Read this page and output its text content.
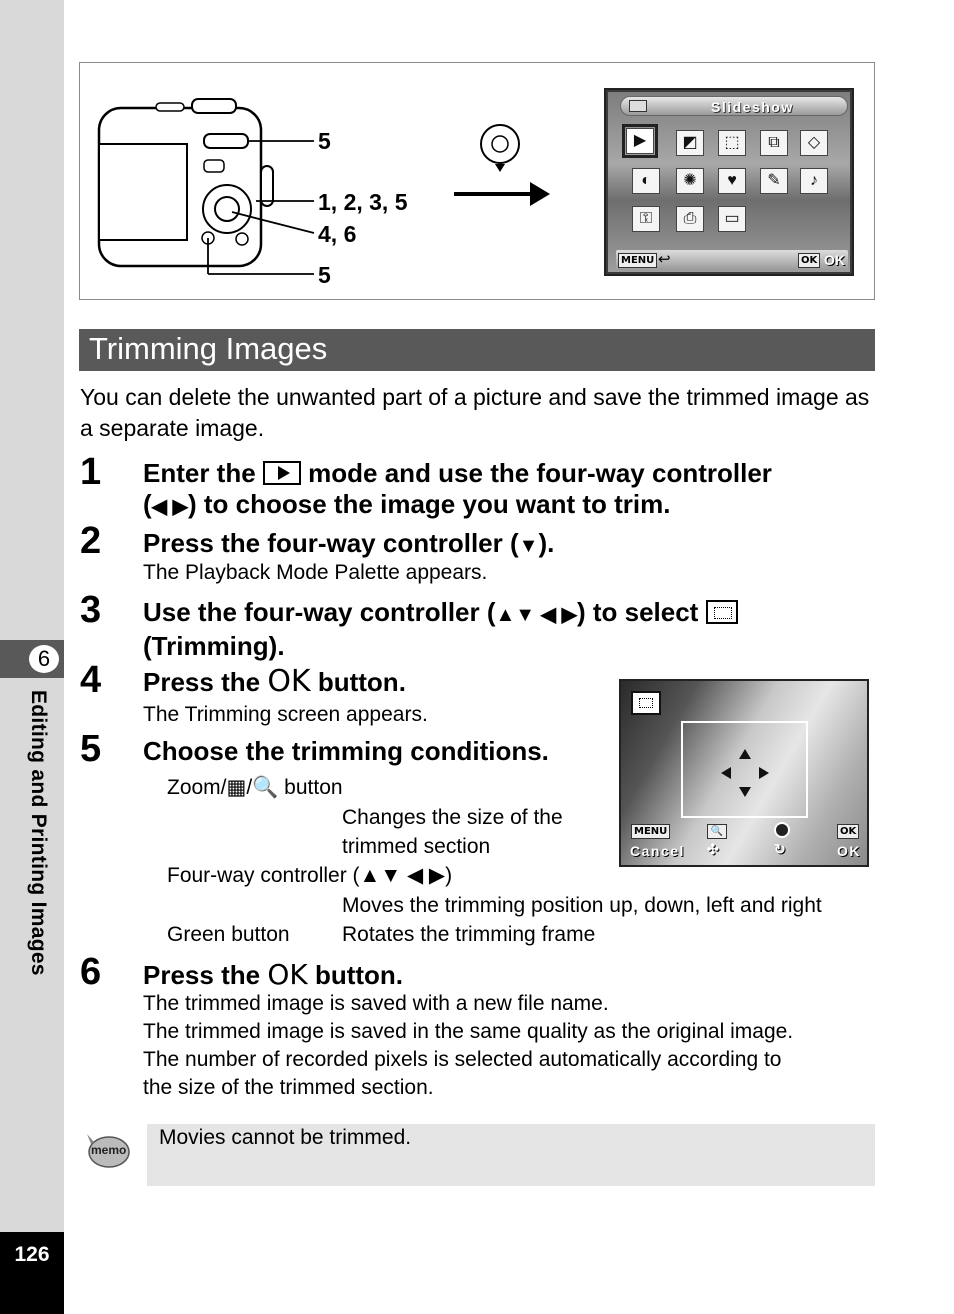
6
Editing and Printing Images
126
5
1, 2, 3, 5
4, 6
5
Slideshow
▶	◩	⬚	⧉	◇
◐	✺	♥	✎	♪
⚿	⎙	▭
MENU ↩	OK OK
Trimming Images
You can delete the unwanted part of a picture and save the trimmed image as a separate image.
1 Enter the mode and use the four-way controller
(◀ ▶) to choose the image you want to trim.
2 Press the four-way controller (▼).
The Playback Mode Palette appears.
3 Use the four-way controller (▲▼ ◀ ▶) to select
(Trimming).
4 Press the OK button.
The Trimming screen appears.
5 Choose the trimming conditions.
Zoom/▦/🔍 button
Changes the size of the
trimmed section
Four-way controller (▲▼ ◀ ▶)
Moves the trimming position up, down, left and right
Green button Rotates the trimming frame
MENU	🔍	OK
Cancel ✣	↻	OK
6 Press the OK button.
The trimmed image is saved with a new file name.
The trimmed image is saved in the same quality as the original image.
The number of recorded pixels is selected automatically according to
the size of the trimmed section.
memo
Movies cannot be trimmed.
